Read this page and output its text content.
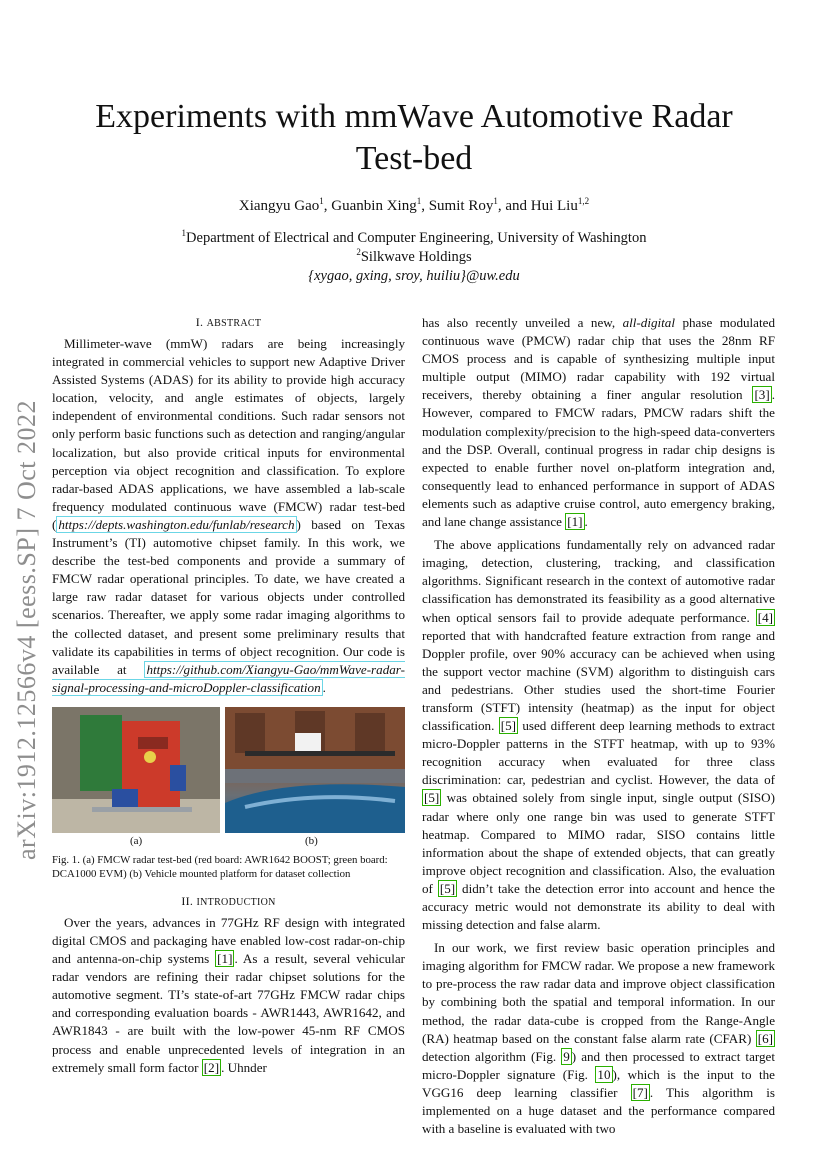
arXiv:1912.12566v4 [eess.SP] 7 Oct 2022
Experiments with mmWave Automotive Radar Test-bed
Xiangyu Gao$^1$, Guanbin Xing$^1$, Sumit Roy$^1$, and Hui Liu$^{1,2}$
$^1$Department of Electrical and Computer Engineering, University of Washington
$^2$Silkwave Holdings
{xygao, gxing, sroy, huiliu}@uw.edu
I. ABSTRACT

Millimeter-wave (mmW) radars are being increasingly integrated in commercial vehicles to support new Adaptive Driver Assisted Systems (ADAS) for its ability to provide high accuracy location, velocity, and angle estimates of objects, largely independent of environmental conditions. Such radar sensors not only perform basic functions such as detection and ranging/angular localization, but also provide critical inputs for environmental perception via object recognition and classification. To explore radar-based ADAS applications, we have assembled a lab-scale frequency modulated continuous wave (FMCW) radar test-bed ( https://depts.washington.edu/funlab/research ) based on Texas Instrument’s (TI) automotive chipset family. In this work, we describe the test-bed components and provide a summary of FMCW radar operational principles. To date, we have created a large raw radar dataset for various objects under controlled scenarios. Thereafter, we apply some radar imaging algorithms to the collected dataset, and present some preliminary results that validate its capabilities in terms of object recognition. Our code is available at https://github.com/Xiangyu-Gao/mmWave-radar-signal-processing-and-microDoppler-classification .

(a)	(b)
Fig. 1. (a) FMCW radar test-bed (red board: AWR1642 BOOST; green board: DCA1000 EVM) (b) Vehicle mounted platform for dataset collection
II. INTRODUCTION

Over the years, advances in 77GHz RF design with integrated digital CMOS and packaging have enabled low-cost radar-on-chip and antenna-on-chip systems [1] . As a result, several vehicular radar vendors are refining their radar chipset solutions for the automotive segment. TI’s state-of-art 77GHz FMCW radar chips and corresponding evaluation boards - AWR1443, AWR1642, and AWR1843 - are built with the low-power 45-nm RF CMOS process and enable unprecedented levels of integration in an extremely small form factor [2] . Uhnder

has also recently unveiled a new, all-digital phase modulated continuous wave (PMCW) radar chip that uses the 28nm RF CMOS process and is capable of synthesizing multiple input multiple output (MIMO) radar capability with 192 virtual receivers, thereby obtaining a finer angular resolution [3] . However, compared to FMCW radars, PMCW radars shift the modulation complexity/precision to the high-speed data-converters and the DSP. Overall, continual progress in radar chip designs is expected to enable further novel on-platform integration and, consequently lead to enhanced performance in support of ADAS elements such as adaptive cruise control, auto emergency braking, and lane change assistance [1] .

The above applications fundamentally rely on advanced radar imaging, detection, clustering, tracking, and classification algorithms. Significant research in the context of automotive radar classification has demonstrated its feasibility as a good alternative when optical sensors fail to provide adequate performance. [4] reported that with handcrafted feature extraction from range and Doppler profile, over 90% accuracy can be achieved when using the support vector machine (SVM) algorithm to distinguish cars and pedestrians. Other studies used the short-time Fourier transform (STFT) intensity (heatmap) as the input for object classification. [5] used different deep learning methods to extract micro-Doppler patterns in the STFT heatmap, with up to 93% recognition accuracy when evaluated for three class discrimination: car, pedestrian and cyclist. However, the data of [5] was obtained solely from single input, single output (SISO) radar where only one range bin was used to generate STFT heatmap. Compared to MIMO radar, SISO contains little information about the shape of extended objects, that can greatly improve object recognition and classification. Also, the evaluation of [5] didn’t take the detection error into account and hence the accuracy metric would not demonstrate its ability to deal with missing detection and false alarm.

In our work, we first review basic operation principles and imaging algorithm for FMCW radar. We propose a new framework to pre-process the raw radar data and improve object classification by combining both the spatial and temporal information. In our method, the radar data-cube is cropped from the Range-Angle (RA) heatmap based on the constant false alarm rate (CFAR) [6] detection algorithm (Fig. 9 ) and then processed to extract target micro-Doppler signature (Fig. 10 ), which is the input to the VGG16 deep learning classifier [7] . This algorithm is implemented on a huge dataset and the performance compared with a baseline is evaluated with two
